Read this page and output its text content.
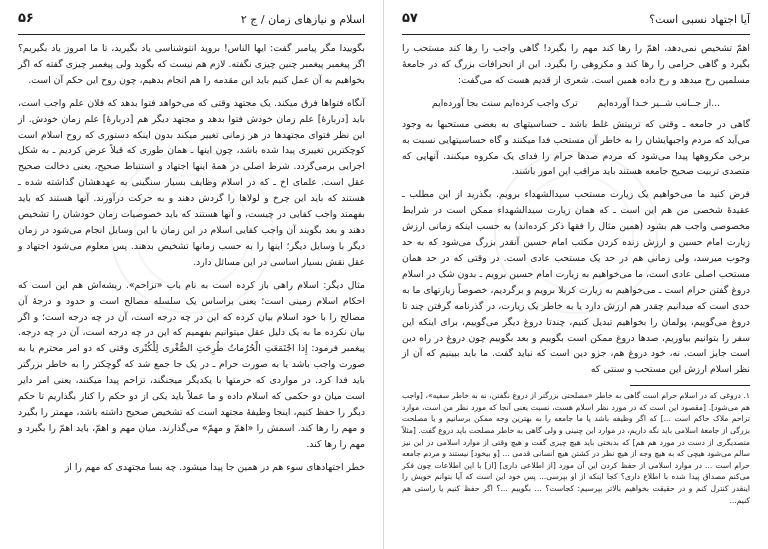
اسلام و نیازهای زمان / ج ۲
۵۶

بگوییدا مگر پیامبر گفت: ایها الناس! بروید انتوشناسی یاد بگیرید، تا ما امروز یاد بگیریم؟ اگر پیغمبر پیغمبر چنین چیزی نگفته. لازم هم نیست که بگوید ولی پیغمبر چیزی گفته که اگر بخواهیم به آن عمل کنیم باید این مقدمه را هم انجام بدهیم، چون روح این حکم آن است.

آنگاه فتواها فرق میکند. یک مجتهد وقتی که می‌خواهد فتوا بدهد که فلان علم واجب است، باید [دربارهٔ] علم زمان خودش فتوا بدهد و مجتهد دیگر هم [دربارهٔ] علم زمان خودش. از این نظر فتوای مجتهدها در هر زمانی تغییر میکند بدون اینکه دستوری که روح اسلام است کوچکترین تغییری پیدا شده باشد، چون اینها ـ همان طوری که قبلاً عرض کردیم ـ به شکل اجرایی برمی‌گردد. شرط اصلی در همهٔ اینها اجتهاد و استنباط صحیح، یعنی دخالت صحیح عقل است. علمای اخ ـ که در اسلام وظایف بسیار سنگینی به عهدهشان گذاشته شده ـ هستند که باید این چرخ و لولاها را گردش دهند و به حرکت درآورند. آنها هستند که باید بفهمند واجب کفایی در چیست، و آنها هستند که باید خصوصیات زمان خودشان را تشخیص دهند و بعد بگویند آن واجب کفایی اسلام در این زمان با این وسایل انجام می‌شود در زمان دیگر با وسایل دیگر؛ اینها را به حسب زمانها تشخیص بدهند. پس معلوم می‌شود اجتهاد و عقل نقش بسیار اساسی در این مسائل دارد.

مثال دیگر: اسلام راهی باز کرده است به نام باب «تزاحم». ریشه‌اش هم این است که احکام اسلام زمینی است؛ یعنی براساس یک سلسله مصالح است و حدود و درجهٔ آن مصالح را با خود اسلام بیان کرده که این در چه درجه است، آن در چه درجه است؛ و اگر بیان نکرده ما به یک دلیل عقل میتوانیم بفهمیم که این در چه درجه است، آن در چه درجه. پیغمبر فرمود: إِذا اجْتَمَعَتِ الْحُرُماتُ طُرِحَتِ الصُّغْرى لِلْكُبْرى وقتی که دو امر محترم یا به صورت واجب باشد یا به صورت حرام ـ در یک جا جمع شد که گوچکتر را به خاطر بزرگتر باید فدا کرد. در مواردی که حرمتها با یکدیگر میجنگند، تزاحم پیدا میکنند، یعنی امر دایر است میان دو حکمی که اسلام داده و ما عملاً باید یکی از دو حکم را کنار بگذاریم تا حکم دیگر را حفظ کنیم، اینجا وظیفهٔ مجتهد است که تشخیص صحیح داشته باشد، مهمتر را بگیرد و مهم را رها کند. اسمش را «اهمّ و مهمّ» می‌گذارند. میان مهم و اهمّ، باید اهمّ را بگیرد و مهم را رها کند.

خطر اجتهادهای سوء هم در همین جا پیدا میشود. چه بسا مجتهدی که مهم را از

آیا اجتهاد نسبی است؟
۵۷

اهمّ تشخیص نمی‌دهد، اهمّ را رها کند مهم را بگیرد! گاهی واجب را رها کند مستحب را بگیرد و گاهی حرامی را رها کند و مکروهی را بگیرد. این از انحرافات بزرگ که در جامعهٔ مسلمین رخ میدهد و رخ داده همین است. شعری از قدیم هست که می‌گفت:

...از جــانب شــیر خـدا آورده‌ایم
ترک واجب کرده‌ایم سنت بجا آورده‌ایم

گاهی در جامعه ـ وقتی که تربیتش غلط باشد ـ حساسیتهای به بعضی مستحبها به وجود می‌آید که مردم واجبهایشان را به خاطر آن مستحب فدا میکنند و گاه حساسیتهایی نسبت به برخی مکروهها پیدا می‌شود که مردم صدها حرام را فدای یک مکروه میکنند. آنهایی که متصدی تربیت صحیح جامعه هستند باید مراقب این امور باشند.

فرض کنید ما می‌خواهیم یک زیارت مستحب سیدالشهداء برویم. بگذرید از این مطلب ـ عقیدهٔ شخصی من هم این است ـ که همان زیارت سیدالشهداء ممکن است در شرایط مخصوصی واجب هم بشود (همین مثال را فقها ذکر کرده‌اند) به حسب اینکه زمانی ارزش زیارت امام حسین و ارزش زنده کردن مکتب امام حسین آنقدر بزرگ می‌شود که به حد وجوب میرسد، ولی زمانی هم در حد یک مستحب عادی است. در وقتی که در حد همان مستحب اصلی عادی است، ما می‌خواهیم به زیارت امام حسین برویم ـ بدون شک در اسلام دروغ گفتن حرام است ـ می‌خواهیم به زیارت کربلا برویم و برگردیم، خصوصاً زیارتهای ما به حدی است که میدانیم چقدر هم ارزش دارد یا به خاطر یک زیارت، در گذرنامه گرفتن چند تا دروغ می‌گوییم، پولمان را بخواهیم تبدیل کنیم، چندتا دروغ دیگر می‌گوییم، برای اینکه این سفر را بتوانیم بیاوریم، صدها دروغ ممکن است بگوییم و بعد بگوییم چون دروغ در راه دین است جایز است. نه، خود دروغ هم، جزو دین است که نباید گفت. ما باید ببینیم که آن از نظر اسلام ارزش این مستحب و سنتی که

۱. دروغی که در اسلام حرام است گاهی به خاطر «مصلحتی بزرگتر از دروغ نگفتن، نه به خاطر سفیه»، [واجب هم می‌شود]. [مقصود این است که در مورد نظر اسلام هست، نسبت یعنی آنجا که مورد نظر من است، موارد تزاحم ملاک حاکم است ...] که اگر وظیفه باشد یا ما جامعه را به بهترین وجه ممکن برسانیم و یا مصلحت بزرگی از جامعهٔ اسلامی باید نگه داریم، در موارد این چنینی و ولی گاهی به خاطر مصلحت باید دروغ گفت. [مثلاً متصدیگری از دست در مورد هم هم] که بدبختی باید هیچ چیزی گفت و هیچ وقتی از موارد اسلامی در این نیز سالم می‌شود هیچی که به هیچ وجه از هیچ نظر در کشتن هیچ انسانی قدمی ... [و بیخود] نیستند و مردم جامعه حرام است ... در موارد اسلامی از حفظ کردن این آن مورد [از اطلاعی داری] [از] با این اطلاعات چون فکر می‌کنم مصداق پیدا شده با اطلاع داری؟ کجا اینکه از او بپرسی... پس خود این است که آیا بتوانم خویش را اینقدر کنترل کنم و در حقیقت بخواهیم بالاتر بپرسیم: کجاست؟ ... بگوییم ...؟ اگر حفظ کنیم یا راستی هم کنیم...
